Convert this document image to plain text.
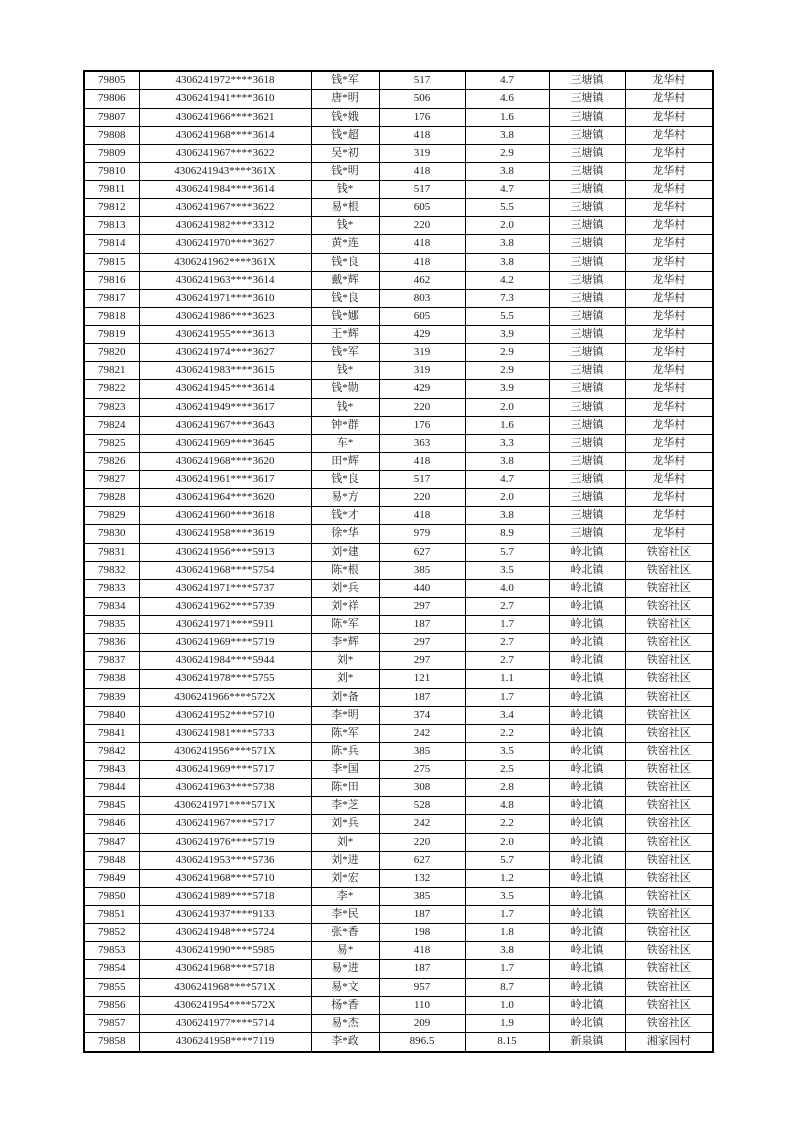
79805	4306241972****3618	钱*军	517	4.7	三塘镇	龙华村
79806	4306241941****3610	唐*明	506	4.6	三塘镇	龙华村
79807	4306241966****3621	钱*娥	176	1.6	三塘镇	龙华村
79808	4306241968****3614	钱*超	418	3.8	三塘镇	龙华村
79809	4306241967****3622	吴*初	319	2.9	三塘镇	龙华村
79810	4306241943****361X	钱*明	418	3.8	三塘镇	龙华村
79811	4306241984****3614	钱*	517	4.7	三塘镇	龙华村
79812	4306241967****3622	易*根	605	5.5	三塘镇	龙华村
79813	4306241982****3312	钱*	220	2.0	三塘镇	龙华村
79814	4306241970****3627	黄*连	418	3.8	三塘镇	龙华村
79815	4306241962****361X	钱*良	418	3.8	三塘镇	龙华村
79816	4306241963****3614	戴*辉	462	4.2	三塘镇	龙华村
79817	4306241971****3610	钱*良	803	7.3	三塘镇	龙华村
79818	4306241986****3623	钱*娜	605	5.5	三塘镇	龙华村
79819	4306241955****3613	王*辉	429	3.9	三塘镇	龙华村
79820	4306241974****3627	钱*军	319	2.9	三塘镇	龙华村
79821	4306241983****3615	钱*	319	2.9	三塘镇	龙华村
79822	4306241945****3614	钱*勋	429	3.9	三塘镇	龙华村
79823	4306241949****3617	钱*	220	2.0	三塘镇	龙华村
79824	4306241967****3643	钟*群	176	1.6	三塘镇	龙华村
79825	4306241969****3645	车*	363	3.3	三塘镇	龙华村
79826	4306241968****3620	田*辉	418	3.8	三塘镇	龙华村
79827	4306241961****3617	钱*良	517	4.7	三塘镇	龙华村
79828	4306241964****3620	易*方	220	2.0	三塘镇	龙华村
79829	4306241960****3618	钱*才	418	3.8	三塘镇	龙华村
79830	4306241958****3619	徐*华	979	8.9	三塘镇	龙华村
79831	4306241956****5913	刘*建	627	5.7	岭北镇	铁窑社区
79832	4306241968****5754	陈*根	385	3.5	岭北镇	铁窑社区
79833	4306241971****5737	刘*兵	440	4.0	岭北镇	铁窑社区
79834	4306241962****5739	刘*祥	297	2.7	岭北镇	铁窑社区
79835	4306241971****5911	陈*军	187	1.7	岭北镇	铁窑社区
79836	4306241969****5719	李*辉	297	2.7	岭北镇	铁窑社区
79837	4306241984****5944	刘*	297	2.7	岭北镇	铁窑社区
79838	4306241978****5755	刘*	121	1.1	岭北镇	铁窑社区
79839	4306241966****572X	刘*备	187	1.7	岭北镇	铁窑社区
79840	4306241952****5710	李*明	374	3.4	岭北镇	铁窑社区
79841	4306241981****5733	陈*军	242	2.2	岭北镇	铁窑社区
79842	4306241956****571X	陈*兵	385	3.5	岭北镇	铁窑社区
79843	4306241969****5717	李*国	275	2.5	岭北镇	铁窑社区
79844	4306241963****5738	陈*田	308	2.8	岭北镇	铁窑社区
79845	4306241971****571X	李*芝	528	4.8	岭北镇	铁窑社区
79846	4306241967****5717	刘*兵	242	2.2	岭北镇	铁窑社区
79847	4306241976****5719	刘*	220	2.0	岭北镇	铁窑社区
79848	4306241953****5736	刘*进	627	5.7	岭北镇	铁窑社区
79849	4306241968****5710	刘*宏	132	1.2	岭北镇	铁窑社区
79850	4306241989****5718	李*	385	3.5	岭北镇	铁窑社区
79851	4306241937****9133	李*民	187	1.7	岭北镇	铁窑社区
79852	4306241948****5724	张*香	198	1.8	岭北镇	铁窑社区
79853	4306241990****5985	易*	418	3.8	岭北镇	铁窑社区
79854	4306241968****5718	易*进	187	1.7	岭北镇	铁窑社区
79855	4306241968****571X	易*文	957	8.7	岭北镇	铁窑社区
79856	4306241954****572X	杨*香	110	1.0	岭北镇	铁窑社区
79857	4306241977****5714	易*杰	209	1.9	岭北镇	铁窑社区
79858	4306241958****7119	李*政	896.5	8.15	新泉镇	湘家园村
